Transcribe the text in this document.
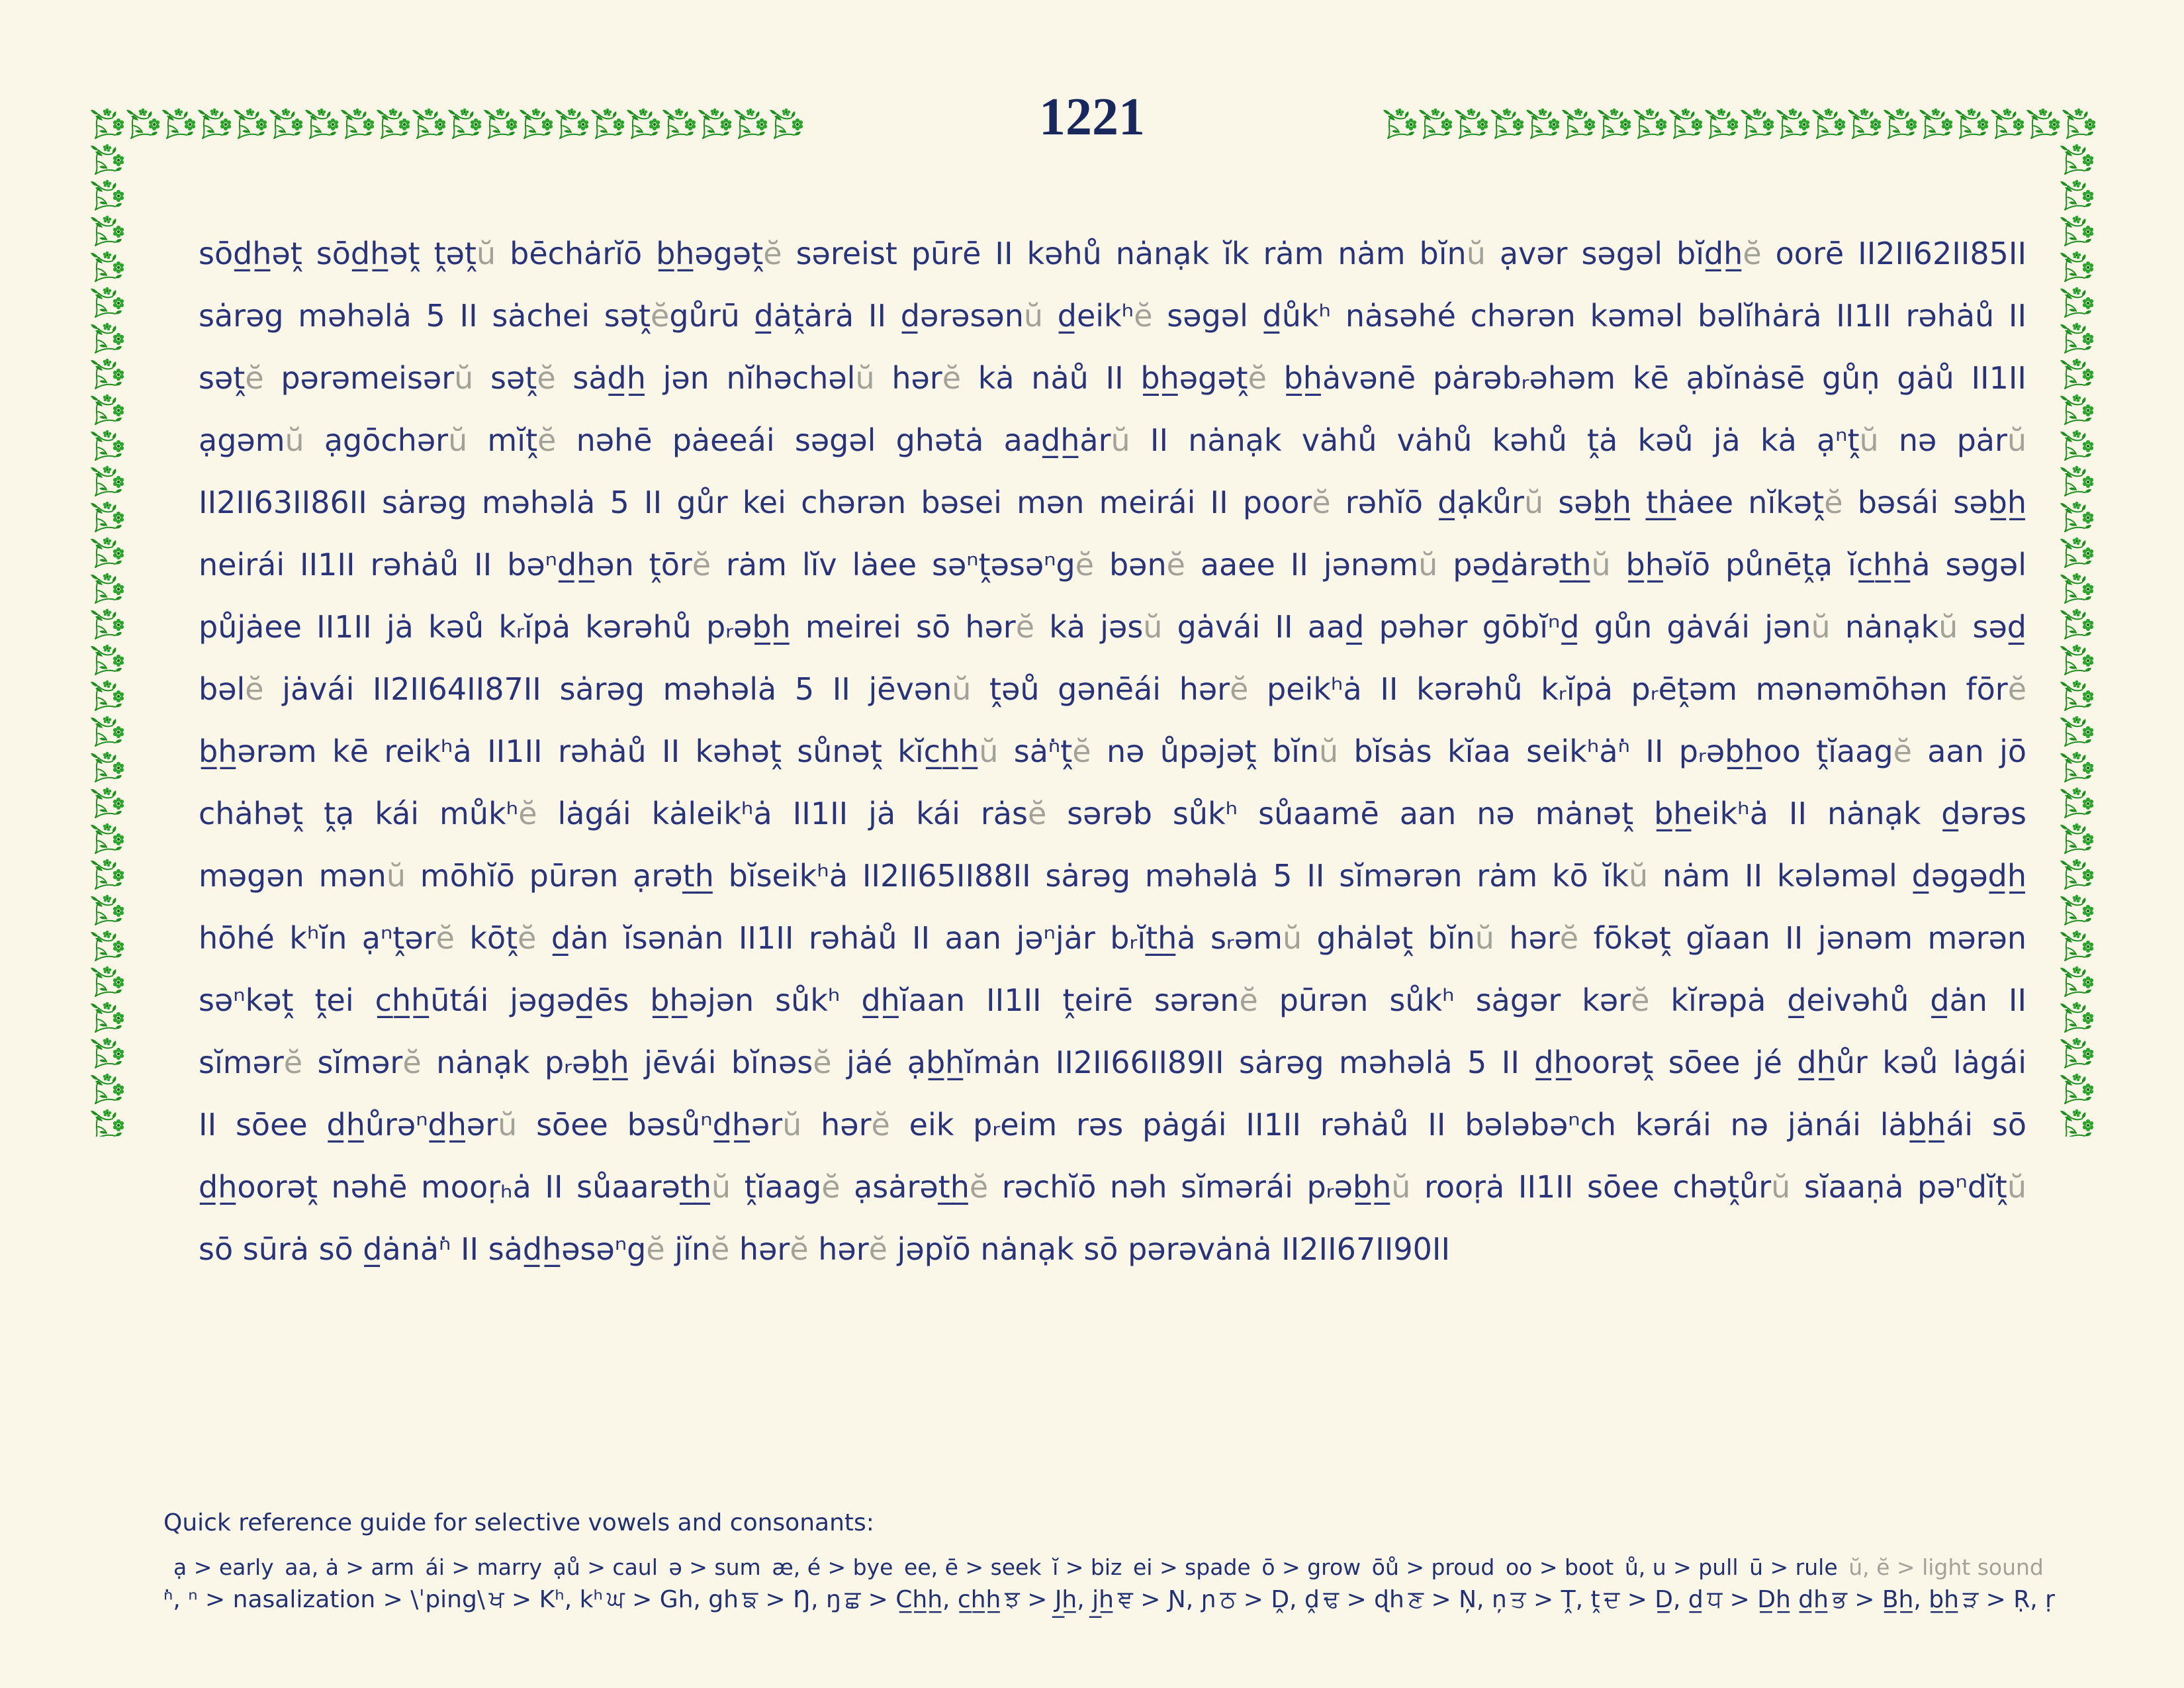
1221
sōd̲h̲əṱ sōd̲h̲əṱ ṱəṱŭ bēchȧrĭō b̲h̲əgəṱĕ səreist pūrē II kəhů nȧnạk ĭk rȧm nȧm bĭnŭ ạvər səgəl bĭd̲h̲ĕ oorē II2II62II85II
sȧrəg məhəlȧ 5 II sȧchei səṱĕgůrū d̲ȧṱȧrȧ II d̲ərəsənŭ d̲eikʰĕ səgəl d̲ůkʰ nȧsəhé chərən kəməl bəlĭhȧrȧ II1II rəhȧů II
səṱĕ pərəmeisərŭ səṱĕ sȧd̲h̲ jən nĭhəchəlŭ hərĕ kȧ nȧů II b̲h̲əgəṱĕ b̲h̲ȧvənē pȧrəbᵣəhəm kē ạbĭnȧsē gůṇ gȧů II1II
ạgəmŭ ạgōchərŭ mĭṱĕ nəhē pȧeeái səgəl ghətȧ aad̲h̲ȧrŭ II nȧnạk vȧhů vȧhů kəhů ṱȧ kəů jȧ kȧ ạⁿṱŭ nə pȧrŭ
II2II63II86II sȧrəg məhəlȧ 5 II gůr kei chərən bəsei mən meirái II poorĕ rəhĭō d̲ạkůrŭ səb̲h̲ t̲h̲ȧee nĭkəṱĕ bəsái səb̲h̲
neirái II1II rəhȧů II bəⁿd̲h̲ən ṱōrĕ rȧm lĭv lȧee səⁿṱəsəⁿgĕ bənĕ aaee II jənəmŭ pəd̲ȧrət̲h̲ŭ b̲h̲əĭō půnēṱạ ĭc̲h̲h̲ȧ səgəl
půjȧee II1II jȧ kəů kᵣĭpȧ kərəhů pᵣəb̲h̲ meirei sō hərĕ kȧ jəsŭ gȧvái II aad̲ pəhər gōbĭⁿd̲ gůn gȧvái jənŭ nȧnạkŭ səd̲
bəlĕ jȧvái II2II64II87II sȧrəg məhəlȧ 5 II jēvənŭ ṱəů gənēái hərĕ peikʰȧ II kərəhů kᵣĭpȧ pᵣēṱəm mənəmōhən fōrĕ
b̲h̲ərəm kē reikʰȧ II1II rəhȧů II kəhəṱ sůnəṱ kĭc̲h̲h̲ŭ sȧⁿ̇ṱĕ nə ůpəjəṱ bĭnŭ bĭsȧs kĭaa seikʰȧⁿ̇ II pᵣəb̲h̲oo ṱĭaagĕ aan jō
chȧhəṱ ṱạ kái můkʰĕ lȧgái kȧleikʰȧ II1II jȧ kái rȧsĕ sərəb sůkʰ sůaamē aan nə mȧnəṱ b̲h̲eikʰȧ II nȧnạk d̲ərəs
məgən mənŭ mōhĭō pūrən ạrət̲h̲ bĭseikʰȧ II2II65II88II sȧrəg məhəlȧ 5 II sĭmərən rȧm kō ĭkŭ nȧm II kələməl d̲əgəd̲h̲
hōhé kʰĭn ạⁿṱərĕ kōṱĕ d̲ȧn ĭsənȧn II1II rəhȧů II aan jəⁿjȧr bᵣĭt̲h̲ȧ sᵣəmŭ ghȧləṱ bĭnŭ hərĕ fōkəṱ gĭaan II jənəm mərən
səⁿkəṱ ṱei c̲h̲h̲ūtái jəgəd̲ēs b̲h̲əjən sůkʰ d̲h̲ĭaan II1II ṱeirē sərənĕ pūrən sůkʰ sȧgər kərĕ kĭrəpȧ d̲eivəhů d̲ȧn II
sĭmərĕ sĭmərĕ nȧnạk pᵣəb̲h̲ jēvái bĭnəsĕ jȧé ạb̲h̲ĭmȧn II2II66II89II sȧrəg məhəlȧ 5 II d̲h̲oorəṱ sōee jé d̲h̲ůr kəů lȧgái
II sōee d̲h̲ůrəⁿd̲h̲ərŭ sōee bəsůⁿd̲h̲ərŭ hərĕ eik pᵣeim rəs pȧgái II1II rəhȧů II bələbəⁿch kərái nə jȧnái lȧb̲h̲ái sō
d̲h̲oorəṱ nəhē mooṛₕȧ II sůaarət̲h̲ŭ ṱĭaagĕ ạsȧrət̲h̲ĕ rəchĭō nəh sĭmərái pᵣəb̲h̲ŭ rooṛȧ II1II sōee chəṱůrŭ sĭaaṇȧ pəⁿdĭṱŭ
sō sūrȧ sō d̲ȧnȧⁿ̇ II sȧd̲h̲əsəⁿgĕ jĭnĕ hərĕ hərĕ jəpĭō nȧnạk sō pərəvȧnȧ II2II67II90II
Quick reference guide for selective vowels and consonants:
ạ > early aa, ȧ > arm ái > marry ạů > caul ə > sum æ, é > bye ee, ē > seek ĭ > biz ei > spade ō > grow ōů > proud oo > boot ů, u > pull ū > rule ŭ, ĕ > light sound
ⁿ̇, ⁿ > nasalization > \ˈping\ ਖ > Kʰ, kʰ ਘ > Gh, gh ਙ > Ŋ, ŋ ਛ > C̲h̲h̲, c̲h̲h̲ ਝ > J̲h̲, j̲h̲ ਞ > Ɲ, ɲ ਠ > Ḓ, ḓ ਢ > ɖh ਣ > Ņ, ņ ਤ > Ṱ, ṱ ਦ > D̲, d̲ ਧ > D̲h̲ d̲h̲ ਭ > B̲h̲, b̲h̲ ੜ > Ṛ, ṛ
